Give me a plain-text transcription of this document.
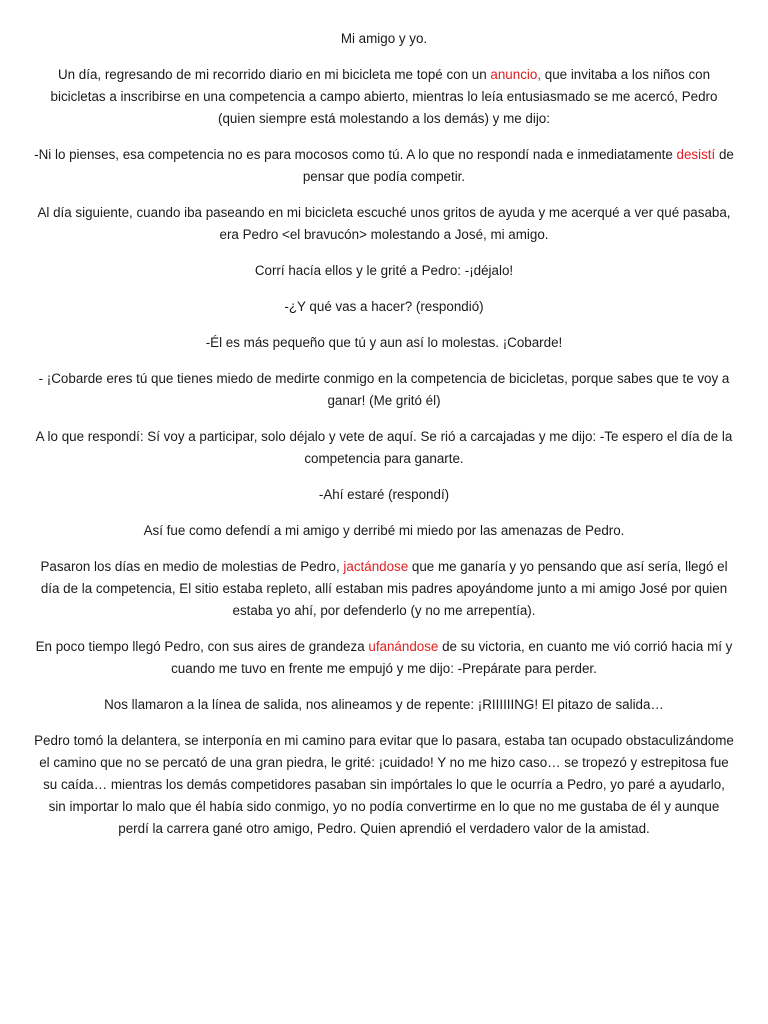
Mi amigo y yo.

Un día, regresando de mi recorrido diario en mi bicicleta me topé con un anuncio, que invitaba a los niños con bicicletas a inscribirse en una competencia a campo abierto, mientras lo leía entusiasmado se me acercó, Pedro (quien siempre está molestando a los demás) y me dijo:

-Ni lo pienses, esa competencia no es para mocosos como tú. A lo que no respondí nada e inmediatamente desistí de pensar que podía competir.

Al día siguiente, cuando iba paseando en mi bicicleta escuché unos gritos de ayuda y me acerqué a ver qué pasaba, era Pedro <el bravucón> molestando a José, mi amigo.

Corrí hacía ellos y le grité a Pedro: -¡déjalo!

-¿Y qué vas a hacer? (respondió)

-Él es más pequeño que tú y aun así lo molestas. ¡Cobarde!

- ¡Cobarde eres tú que tienes miedo de medirte conmigo en la competencia de bicicletas, porque sabes que te voy a ganar! (Me gritó él)

A lo que respondí: Sí voy a participar, solo déjalo y vete de aquí. Se rió a carcajadas y me dijo: -Te espero el día de la competencia para ganarte.

-Ahí estaré (respondí)

Así fue como defendí a mi amigo y derribé mi miedo por las amenazas de Pedro.

Pasaron los días en medio de molestias de Pedro, jactándose que me ganaría y yo pensando que así sería, llegó el día de la competencia, El sitio estaba repleto, allí estaban mis padres apoyándome junto a mi amigo José por quien estaba yo ahí, por defenderlo (y no me arrepentía).

En poco tiempo llegó Pedro, con sus aires de grandeza ufanándose de su victoria, en cuanto me vió corrió hacia mí y cuando me tuvo en frente me empujó y me dijo: -Prepárate para perder.

Nos llamaron a la línea de salida, nos alineamos y de repente: ¡RIIIIIING! El pitazo de salida…

Pedro tomó la delantera, se interponía en mi camino para evitar que lo pasara, estaba tan ocupado obstaculizándome el camino que no se percató de una gran piedra, le grité: ¡cuidado! Y no me hizo caso… se tropezó y estrepitosa fue su caída… mientras los demás competidores pasaban sin impórtales lo que le ocurría a Pedro, yo paré a ayudarlo, sin importar lo malo que él había sido conmigo, yo no podía convertirme en lo que no me gustaba de él y aunque perdí la carrera gané otro amigo, Pedro. Quien aprendió el verdadero valor de la amistad.
